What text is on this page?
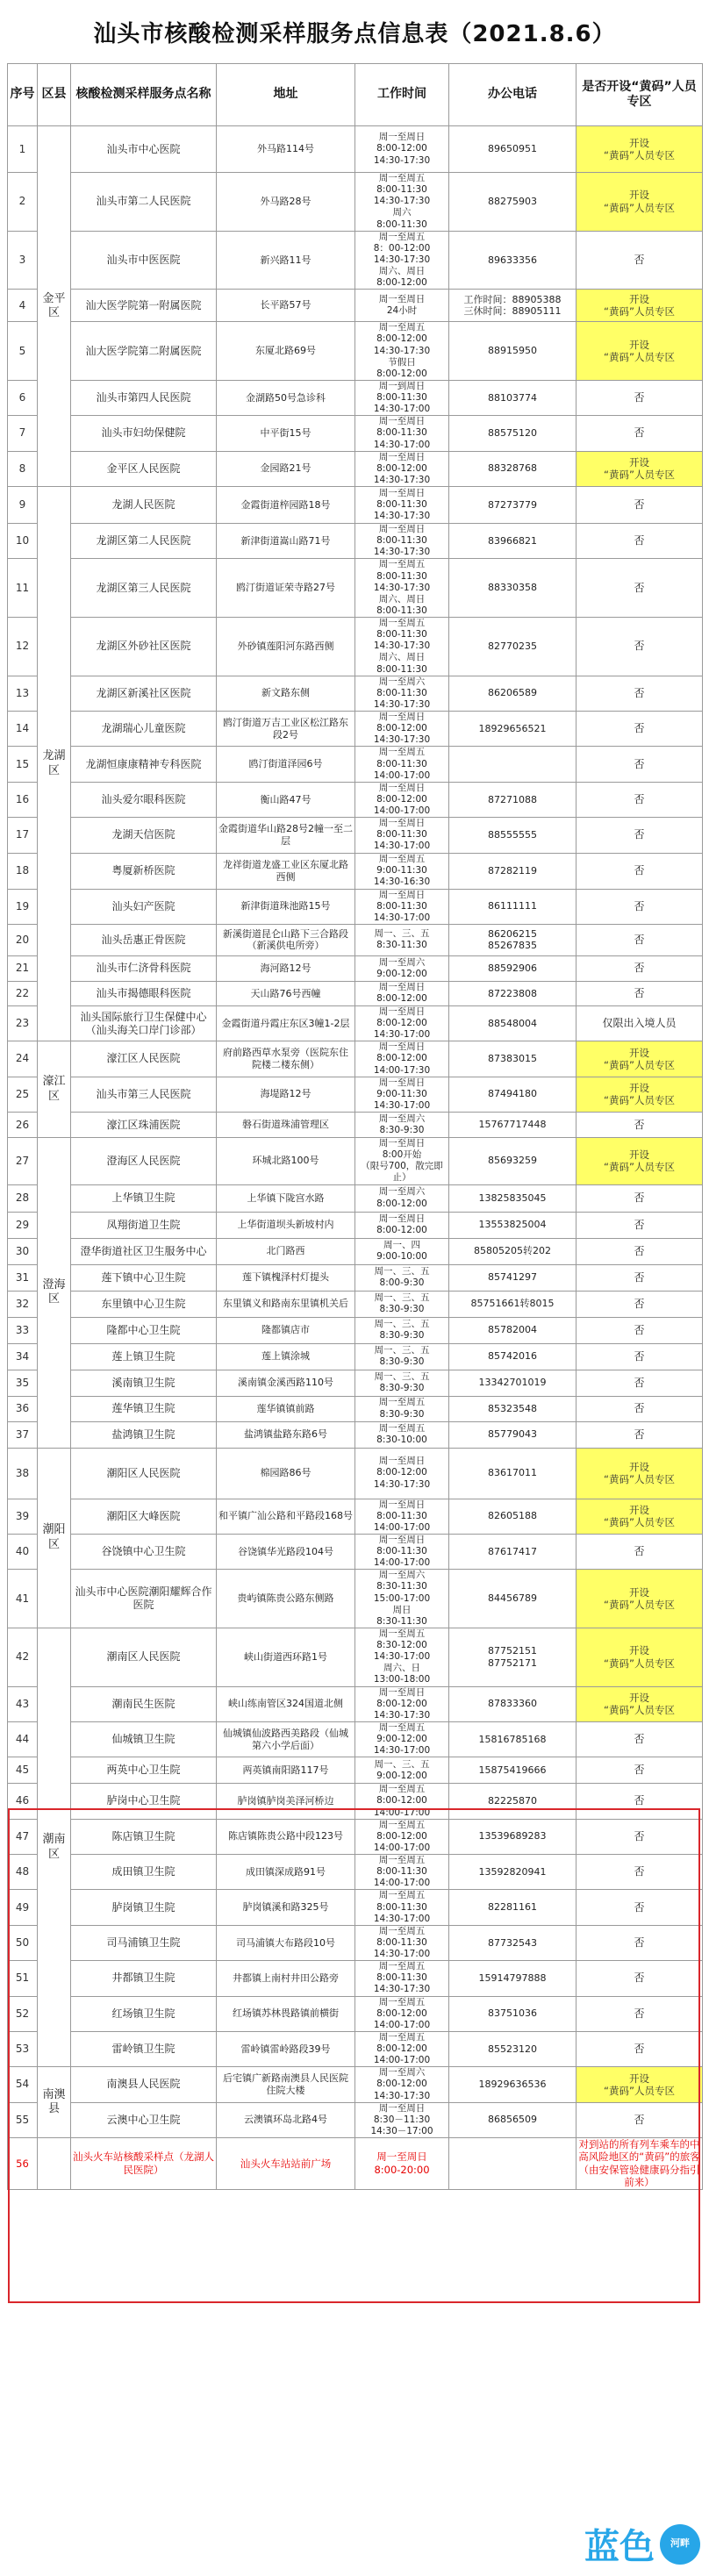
汕头市核酸检测采样服务点信息表（2021.8.6）
序号	区县	核酸检测采样服务点名称	地址	工作时间	办公电话	是否开设“黄码”人员专区
1	金平区	汕头市中心医院	外马路114号	周一至周日
8:00-12:00
14:30-17:30	89650951	开设
“黄码”人员专区
2		汕头市第二人民医院	外马路28号	周一至周五
8:00-11:30
14:30-17:30
周六
8:00-11:30	88275903	开设
“黄码”人员专区
3		汕头市中医医院	新兴路11号	周一至周五
8：00-12:00
14:30-17:30
周六、周日
8:00-12:00	89633356	否
4		汕大医学院第一附属医院	长平路57号	周一至周日
24小时	工作时间：88905388
三休时间：88905111	开设
“黄码”人员专区
5		汕大医学院第二附属医院	东厦北路69号	周一至周五
8:00-12:00
14:30-17:30
节假日
8:00-12:00	88915950	开设
“黄码”人员专区
6		汕头市第四人民医院	金湖路50号急诊科	周一到周日
8:00-11:30
14:30-17:00	88103774	否
7		汕头市妇幼保健院	中平街15号	周一至周日
8:00-11:30
14:30-17:00	88575120	否
8		金平区人民医院	金园路21号	周一至周日
8:00-12:00
14:30-17:30	88328768	开设
“黄码”人员专区
9	龙湖区	龙湖人民医院	金霞街道梓园路18号	周一至周日
8:00-11:30
14:30-17:30	87273779	否
10		龙湖区第二人民医院	新津街道嵩山路71号	周一至周日
8:00-11:30
14:30-17:30	83966821	否
11		龙湖区第三人民医院	鸥汀街道证荣寺路27号	周一至周五
8:00-11:30
14:30-17:30
周六、周日
8:00-11:30	88330358	否
12		龙湖区外砂社区医院	外砂镇莲阳河东路西侧	周一至周五
8:00-11:30
14:30-17:30
周六、周日
8:00-11:30	82770235	否
13		龙湖区新溪社区医院	新文路东侧	周一至周六
8:00-11:30
14:30-17:30	86206589	否
14		龙湖瑞心儿童医院	鸥汀街道万吉工业区松江路东段2号	周一至周日
8:00-12:00
14:30-17:30	18929656521	否
15		龙湖恒康康精神专科医院	鸥汀街道泽园6号	周一至周五
8:00-11:30
14:00-17:00		否
16		汕头爱尔眼科医院	衡山路47号	周一至周日
8:00-12:00
14:00-17:00	87271088	否
17		龙湖天信医院	金霞街道华山路28号2幢一至二层	周一至周日
8:00-11:30
14:30-17:00	88555555	否
18		粤厦新桥医院	龙祥街道龙盛工业区东厦北路西侧	周一至周五
9:00-11:30
14:30-16:30	87282119	否
19		汕头妇产医院	新津街道珠池路15号	周一至周日
8:00-11:30
14:30-17:00	86111111	否
20		汕头岳惠正骨医院	新溪街道昆仑山路下三合路段（新溪供电所旁）	周一、三、五
8:30-11:30	86206215
85267835	否
21		汕头市仁济骨科医院	海河路12号	周一至周六
9:00-12:00	88592906	否
22		汕头市揭德眼科医院	天山路76号西幢	周一至周日
8:00-12:00	87223808	否
23		汕头国际旅行卫生保健中心（汕头海关口岸门诊部）	金霞街道丹霞庄东区3幢1-2层	周一至周日
8:00-12:00
14:30-17:00	88548004	仅限出入境人员
24	濠江区	濠江区人民医院	府前路西草水泵旁（医院东住院楼二楼东侧）	周一至周日
8:00-12:00
14:00-17:30	87383015	开设
“黄码”人员专区
25		汕头市第三人民医院	海堤路12号	周一至周日
9:00-11:30
14:30-17:00	87494180	开设
“黄码”人员专区
26		濠江区珠浦医院	磐石街道珠浦管理区	周一至周六
8:30-9:30	15767717448	否
27	澄海区	澄海区人民医院	环城北路100号	周一至周日
8:00开始
（限号700，散完即止）	85693259	开设
“黄码”人员专区
28		上华镇卫生院	上华镇下陇宫水路	周一至周六
8:00-12:00	13825835045	否
29		凤翔街道卫生院	上华街道坝头新坡村内	周一至周日
8:00-12:00	13553825004	否
30		澄华街道社区卫生服务中心	北门路西	周一、四
9:00-10:00	85805205转202	否
31		莲下镇中心卫生院	莲下镇槐泽村灯提头	周一、三、五
8:00-9:30	85741297	否
32		东里镇中心卫生院	东里镇义和路南东里镇机关后	周一、三、五
8:30-9:30	85751661转8015	否
33		隆都中心卫生院	隆都镇店市	周一、三、五
8:30-9:30	85782004	否
34		莲上镇卫生院	莲上镇涂城	周一、三、五
8:30-9:30	85742016	否
35		溪南镇卫生院	溪南镇金溪西路110号	周一、三、五
8:30-9:30	13342701019	否
36		莲华镇卫生院	莲华镇镇前路	周一至周五
8:30-9:30	85323548	否
37		盐鸿镇卫生院	盐鸿镇盐路东路6号	周一至周五
8:30-10:00	85779043	否
38	潮阳区	潮阳区人民医院	棉园路86号	周一至周日
8:00-12:00
14:30-17:30	83617011	开设
“黄码”人员专区
39		潮阳区大峰医院	和平镇广汕公路和平路段168号	周一至周日
8:00-11:30
14:00-17:00	82605188	开设
“黄码”人员专区
40		谷饶镇中心卫生院	谷饶镇华光路段104号	周一至周日
8:00-11:30
14:00-17:00	87617417	否
41		汕头市中心医院潮阳耀辉合作医院	贵屿镇陈贵公路东侧路	周一至周六
8:30-11:30
15:00-17:00
周日
8:30-11:30	84456789	开设
“黄码”人员专区
42	潮南区	潮南区人民医院	峡山街道西环路1号	周一至周五
8:30-12:00
14:30-17:00
周六、日
13:00-18:00	87752151
87752171	开设
“黄码”人员专区
43		潮南民生医院	峡山练南管区324国道北侧	周一至周日
8:00-12:00
14:30-17:30	87833360	开设
“黄码”人员专区
44		仙城镇卫生院	仙城镇仙波路西美路段（仙城第六小学后面）	周一至周五
9:00-12:00
14:30-17:00	15816785168	否
45		两英中心卫生院	两英镇南阳路117号	周一、三、五
9:00-12:00	15875419666	否
46		胪岗中心卫生院	胪岗镇胪岗美泽河桥边	周一至周五
8:00-12:00
14:00-17:00	82225870	否
47		陈店镇卫生院	陈店镇陈贵公路中段123号	周一至周五
8:00-12:00
14:00-17:00	13539689283	否
48		成田镇卫生院	成田镇深成路91号	周一至周五
8:00-11:30
14:00-17:00	13592820941	否
49		胪岗镇卫生院	胪岗镇溪和路325号	周一至周五
8:00-11:30
14:30-17:00	82281161	否
50		司马浦镇卫生院	司马浦镇大布路段10号	周一至周五
8:00-11:30
14:30-17:00	87732543	否
51		井都镇卫生院	井都镇上南村井田公路旁	周一至周五
8:00-11:30
14:30-17:30	15914797888	否
52		红场镇卫生院	红场镇苏林畏路镇前横街	周一至周五
8:00-12:00
14:00-17:00	83751036	否
53		雷岭镇卫生院	雷岭镇雷岭路段39号	周一至周五
8:00-12:00
14:00-17:00	85523120	否
54	南澳县	南澳县人民医院	后宅镇广新路南澳县人民医院住院大楼	周一至周六
8:00-12:00
14:30-17:30	18929636536	开设
“黄码”人员专区
55		云澳中心卫生院	云澳镇环岛北路4号	周一至周日
8:30－11:30
14:30－17:00	86856509	否
56		汕头火车站核酸采样点（龙湖人民医院）	汕头火车站站前广场	周一至周日
8:00-20:00		对到站的所有列车乘车的中高风险地区的“黄码”的旅客（由安保管验健康码分指引前来）
蓝色	河畔
